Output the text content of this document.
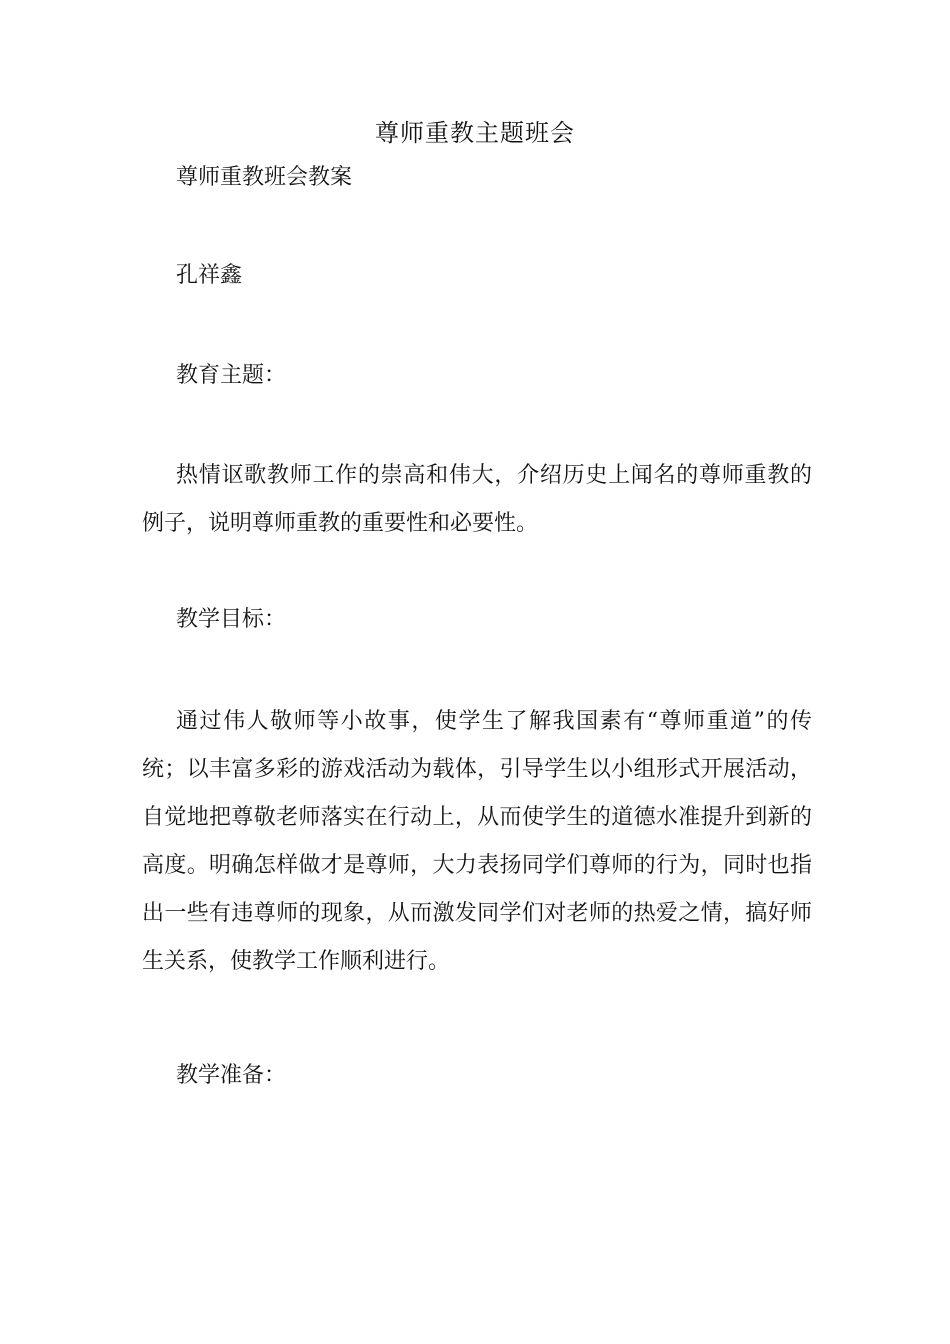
尊师重教主题班会
尊师重教班会教案
孔祥鑫
教育主题：
热情讴歌教师工作的崇高和伟大，介绍历史上闻名的尊师重教的例子，说明尊师重教的重要性和必要性。
教学目标：
通过伟人敬师等小故事，使学生了解我国素有“尊师重道”的传统；以丰富多彩的游戏活动为载体，引导学生以小组形式开展活动，自觉地把尊敬老师落实在行动上，从而使学生的道德水准提升到新的高度。明确怎样做才是尊师，大力表扬同学们尊师的行为，同时也指出一些有违尊师的现象，从而激发同学们对老师的热爱之情，搞好师生关系，使教学工作顺利进行。
教学准备：
